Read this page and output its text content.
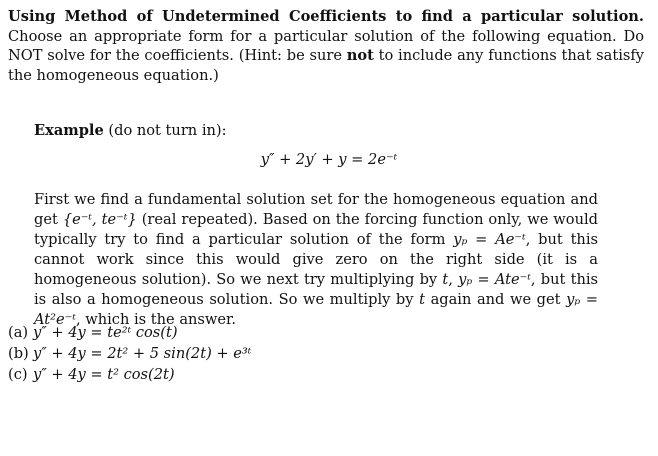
Using Method of Undetermined Coefficients to find a particular solution. Choose an appropriate form for a particular solution of the following equation. Do NOT solve for the coefficients. (Hint: be sure not to include any functions that satisfy the homogeneous equation.)
Example (do not turn in):
y″ + 2y′ + y = 2e⁻ᵗ
First we find a fundamental solution set for the homogeneous equation and get {e⁻ᵗ, te⁻ᵗ} (real repeated). Based on the forcing function only, we would typically try to find a particular solution of the form yₚ = Ae⁻ᵗ, but this cannot work since this would give zero on the right side (it is a homogeneous solution). So we next try multiplying by t, yₚ = Ate⁻ᵗ, but this is also a homogeneous solution. So we multiply by t again and we get yₚ = At²e⁻ᵗ, which is the answer.
(a) y″ + 4y = te²ᵗ cos(t)
(b) y″ + 4y = 2t² + 5 sin(2t) + e³ᵗ
(c) y″ + 4y = t² cos(2t)
